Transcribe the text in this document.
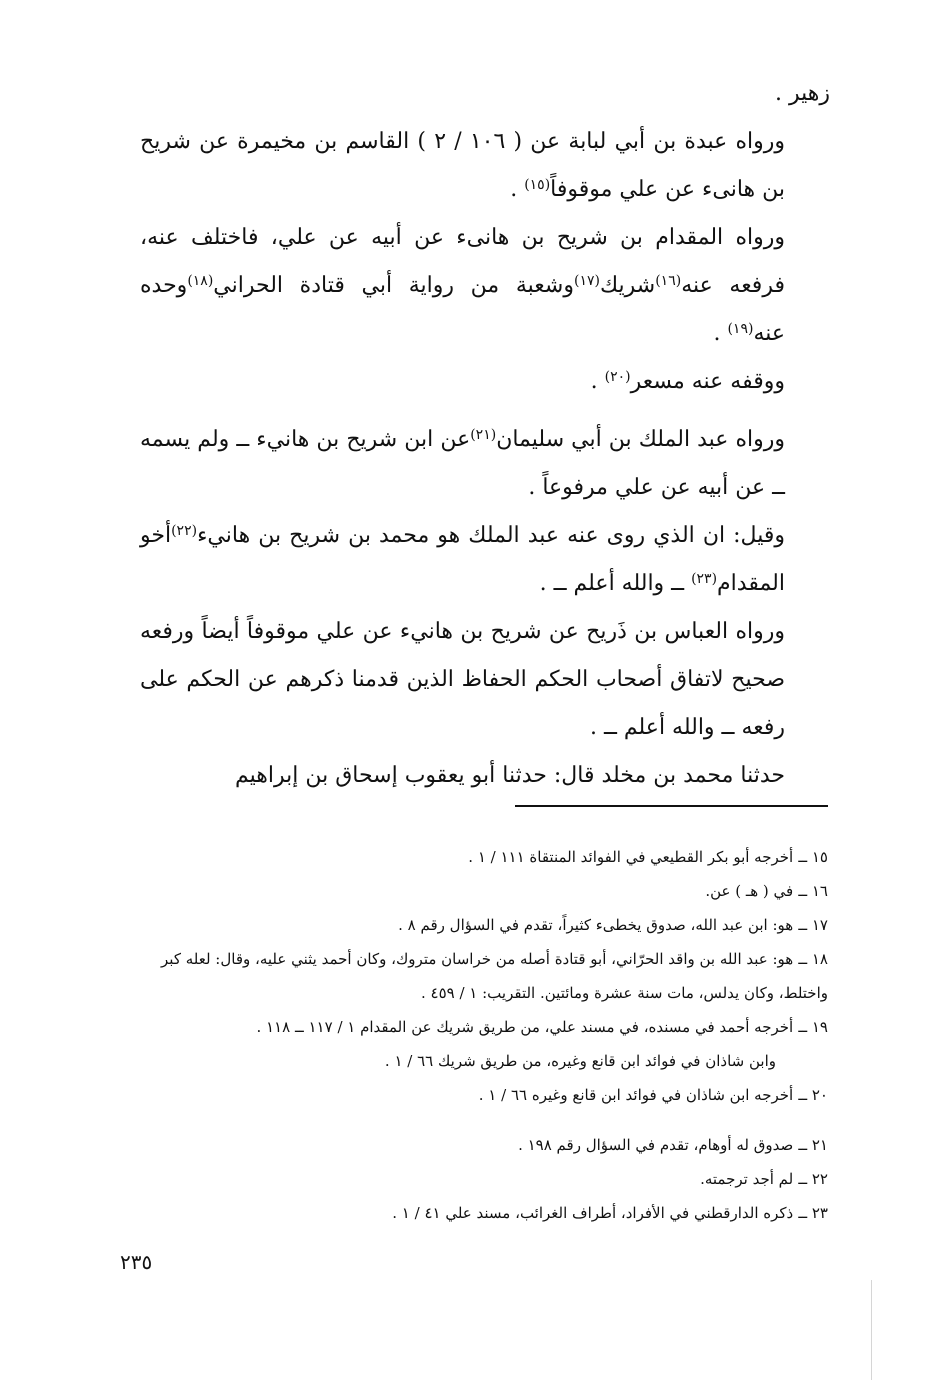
زهير .
ورواه عبدة بن أبي لبابة عن ( ١٠٦ / ٢ ) القاسم بن مخيمرة عن شريح بن هانىء عن علي موقوفاً$^{(١٥)}$ .
ورواه المقدام بن شريح بن هانىء عن أبيه عن علي، فاختلف عنه، فرفعه عنه$^{(١٦)}$شريك$^{(١٧)}$وشعبة من رواية أبي قتادة الحراني$^{(١٨)}$وحده عنه$^{(١٩)}$ .
ووقفه عنه مسعر$^{(٢٠)}$ .
ورواه عبد الملك بن أبي سليمان$^{(٢١)}$عن ابن شريح بن هانيء ــ ولم يسمه ــ عن أبيه عن علي مرفوعاً .
وقيل: ان الذي روى عنه عبد الملك هو محمد بن شريح بن هانيء$^{(٢٢)}$أخو المقدام$^{(٢٣)}$ ــ والله أعلم ــ .
ورواه العباس بن ذَريح عن شريح بن هانيء عن علي موقوفاً أيضاً ورفعه صحيح لاتفاق أصحاب الحكم الحفاظ الذين قدمنا ذكرهم عن الحكم على رفعه ــ والله أعلم ــ .
حدثنا محمد بن مخلد قال: حدثنا أبو يعقوب إسحاق بن إبراهيم
١٥ ــ أخرجه أبو بكر القطيعي في الفوائد المنتقاة ١١١ / ١ .
١٦ ــ في ( هـ ) عن.
١٧ ــ هو: ابن عبد الله، صدوق يخطىء كثيراً، تقدم في السؤال رقم ٨ .
١٨ ــ هو: عبد الله بن واقد الحرّاني، أبو قتادة أصله من خراسان متروك، وكان أحمد يثني عليه، وقال: لعله كبر واختلط، وكان يدلس، مات سنة عشرة ومائتين. التقريب: ١ / ٤٥٩ .
١٩ ــ أخرجه أحمد في مسنده، في مسند علي، من طريق شريك عن المقدام ١ / ١١٧ ــ ١١٨ .
وابن شاذان في فوائد ابن قانع وغيره، من طريق شريك ٦٦ / ١ .
٢٠ ــ أخرجه ابن شاذان في فوائد ابن قانع وغيره ٦٦ / ١ .
٢١ ــ صدوق له أوهام، تقدم في السؤال رقم ١٩٨ .
٢٢ ــ لم أجد ترجمته.
٢٣ ــ ذكره الدارقطني في الأفراد، أطراف الغرائب، مسند علي ٤١ / ١ .
٢٣٥
